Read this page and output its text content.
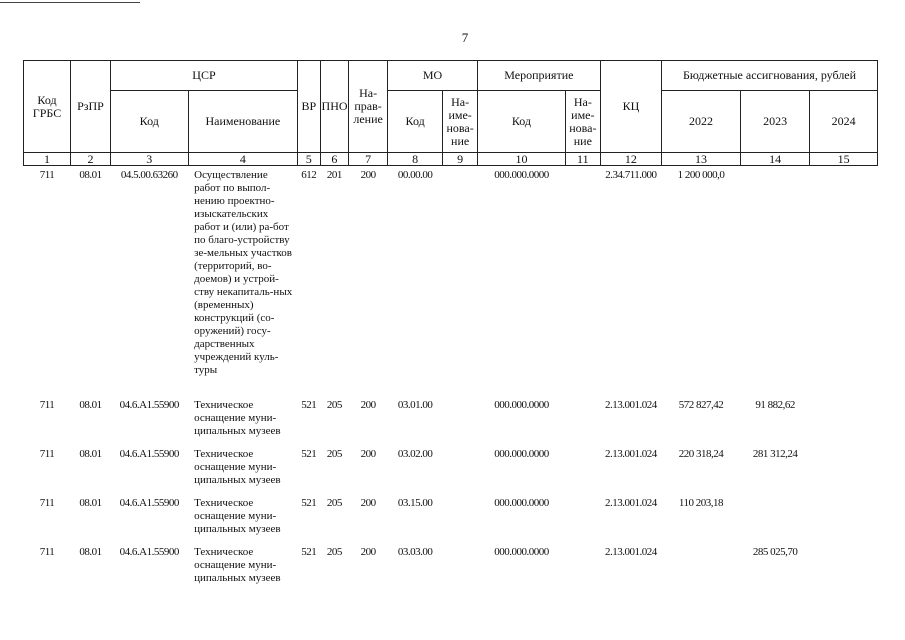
7
Код ГРБС	РзПР	ЦСР		ВР	ПНО	На-прав-ление	МО		Мероприятие		КЦ	Бюджетные ассигнования, рублей		
		Код	Наименование				Код	На-име-нова-ние	Код	На-име-нова-ние		2022	2023	2024
1	2	3	4	5	6	7	8	9	10	11	12	13	14	15
711	08.01	04.5.00.63260	Осуществление работ по выпол-нению проектно-изыскательских работ и (или) ра-бот по благо-устройству зе-мельных участков (территорий, во-доемов) и устрой-ству некапиталь-ных (временных) конструкций (со-оружений) госу-дарственных учреждений куль-туры	612	201	200	00.00.00		000.000.0000		2.34.711.000	1 200 000,0		
711	08.01	04.6.A1.55900	Техническое оснащение муни-ципальных музеев	521	205	200	03.01.00		000.000.0000		2.13.001.024	572 827,42	91 882,62	
711	08.01	04.6.A1.55900	Техническое оснащение муни-ципальных музеев	521	205	200	03.02.00		000.000.0000		2.13.001.024	220 318,24	281 312,24	
711	08.01	04.6.A1.55900	Техническое оснащение муни-ципальных музеев	521	205	200	03.15.00		000.000.0000		2.13.001.024	110 203,18		
711	08.01	04.6.A1.55900	Техническое оснащение муни-ципальных музеев	521	205	200	03.03.00		000.000.0000		2.13.001.024		285 025,70	
